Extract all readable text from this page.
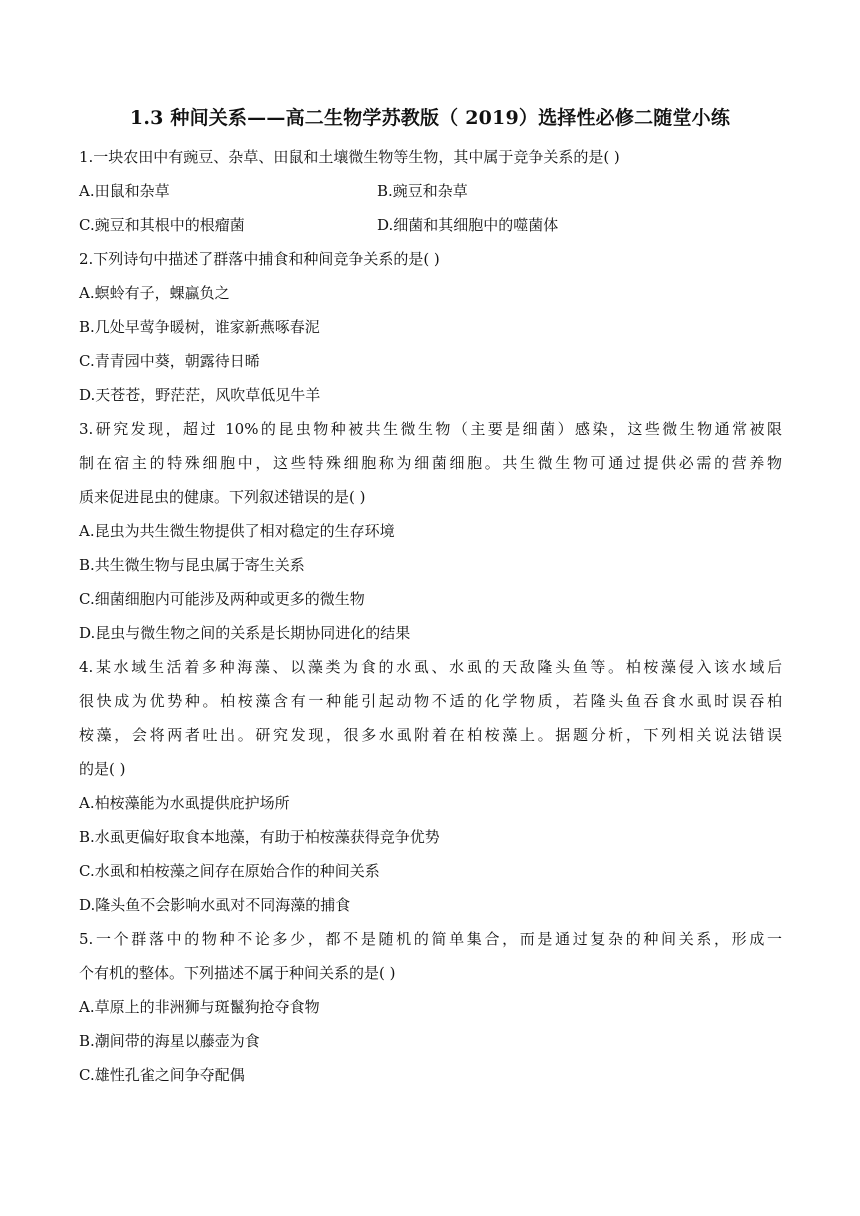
1.3 种间关系——高二生物学苏教版（ 2019）选择性必修二随堂小练
1.一块农田中有豌豆、杂草、田鼠和土壤微生物等生物，其中属于竞争关系的是( )
A.田鼠和杂草	B.豌豆和杂草
C.豌豆和其根中的根瘤菌	D.细菌和其细胞中的噬菌体
2.下列诗句中描述了群落中捕食和种间竞争关系的是( )
A.螟蛉有子，蜾蠃负之
B.几处早莺争暖树，谁家新燕啄春泥
C.青青园中葵，朝露待日晞
D.天苍苍，野茫茫，风吹草低见牛羊
3.研究发现，超过 10%的昆虫物种被共生微生物（主要是细菌）感染，这些微生物通常被限
制在宿主的特殊细胞中，这些特殊细胞称为细菌细胞。共生微生物可通过提供必需的营养物
质来促进昆虫的健康。下列叙述错误的是( )
A.昆虫为共生微生物提供了相对稳定的生存环境
B.共生微生物与昆虫属于寄生关系
C.细菌细胞内可能涉及两种或更多的微生物
D.昆虫与微生物之间的关系是长期协同进化的结果
4.某水域生活着多种海藻、以藻类为食的水虱、水虱的天敌隆头鱼等。柏桉藻侵入该水域后
很快成为优势种。柏桉藻含有一种能引起动物不适的化学物质，若隆头鱼吞食水虱时误吞柏
桉藻，会将两者吐出。研究发现，很多水虱附着在柏桉藻上。据题分析，下列相关说法错误
的是( )
A.柏桉藻能为水虱提供庇护场所
B.水虱更偏好取食本地藻，有助于柏桉藻获得竞争优势
C.水虱和柏桉藻之间存在原始合作的种间关系
D.隆头鱼不会影响水虱对不同海藻的捕食
5.一个群落中的物种不论多少，都不是随机的简单集合，而是通过复杂的种间关系，形成一
个有机的整体。下列描述不属于种间关系的是( )
A.草原上的非洲狮与斑鬣狗抢夺食物
B.潮间带的海星以藤壶为食
C.雄性孔雀之间争夺配偶
